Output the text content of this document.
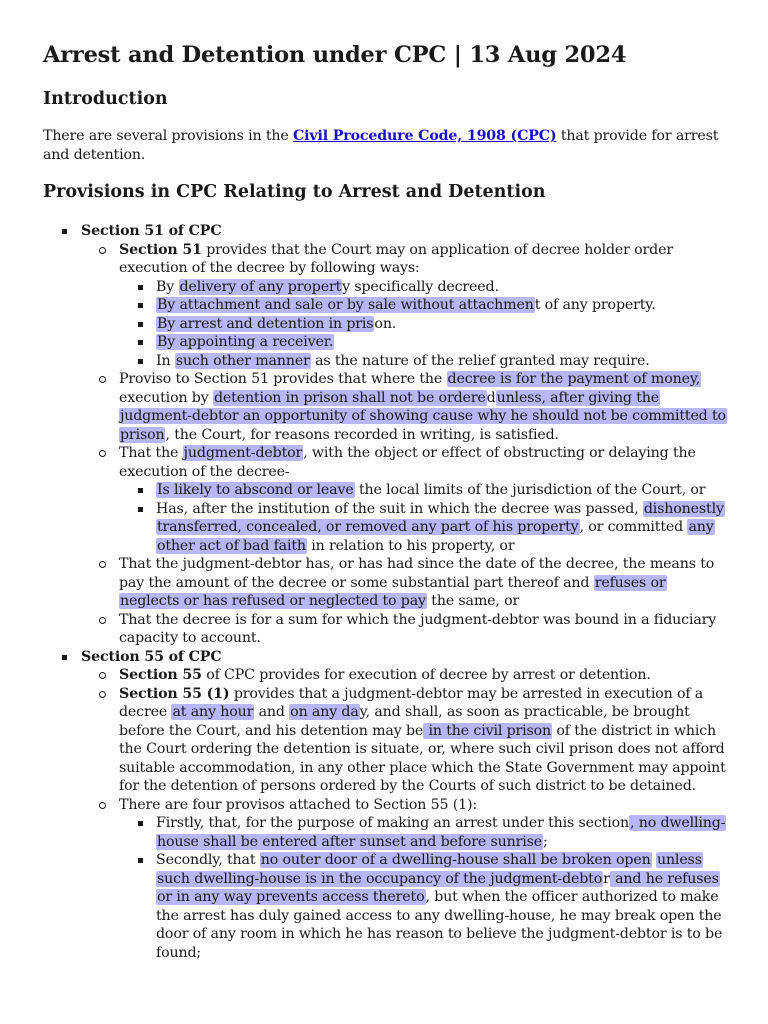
Arrest and Detention under CPC | 13 Aug 2024
Introduction

There are several provisions in the Civil Procedure Code, 1908 (CPC) that provide for arrest and detention.

Provisions in CPC Relating to Arrest and Detention
Section 51 of CPC
Section 51 provides that the Court may on application of decree holder order execution of the decree by following ways:
By delivery of any property specifically decreed.
By attachment and sale or by sale without attachment of any property.
By arrest and detention in prison.
By appointing a receiver.
In such other manner as the nature of the relief granted may require.
Proviso to Section 51 provides that where the decree is for the payment of money, execution by detention in prison shall not be orderedunless, after giving the judgment-debtor an opportunity of showing cause why he should not be committed to prison, the Court, for reasons recorded in writing, is satisfied.
That the judgment-debtor, with the object or effect of obstructing or delaying the execution of the decree-
Is likely to abscond or leave the local limits of the jurisdiction of the Court, or
Has, after the institution of the suit in which the decree was passed, dishonestly transferred, concealed, or removed any part of his property, or committed any other act of bad faith in relation to his property, or
That the judgment-debtor has, or has had since the date of the decree, the means to pay the amount of the decree or some substantial part thereof and refuses or neglects or has refused or neglected to pay the same, or
That the decree is for a sum for which the judgment-debtor was bound in a fiduciary capacity to account.
Section 55 of CPC
Section 55 of CPC provides for execution of decree by arrest or detention.
Section 55 (1) provides that a judgment-debtor may be arrested in execution of a decree at any hour and on any day, and shall, as soon as practicable, be brought before the Court, and his detention may be in the civil prison of the district in which the Court ordering the detention is situate, or, where such civil prison does not afford suitable accommodation, in any other place which the State Government may appoint for the detention of persons ordered by the Courts of such district to be detained.
There are four provisos attached to Section 55 (1):
Firstly, that, for the purpose of making an arrest under this section, no dwelling-house shall be entered after sunset and before sunrise;
Secondly, that no outer door of a dwelling-house shall be broken open unless such dwelling-house is in the occupancy of the judgment-debtor and he refuses or in any way prevents access thereto, but when the officer authorized to make the arrest has duly gained access to any dwelling-house, he may break open the door of any room in which he has reason to believe the judgment-debtor is to be found;
